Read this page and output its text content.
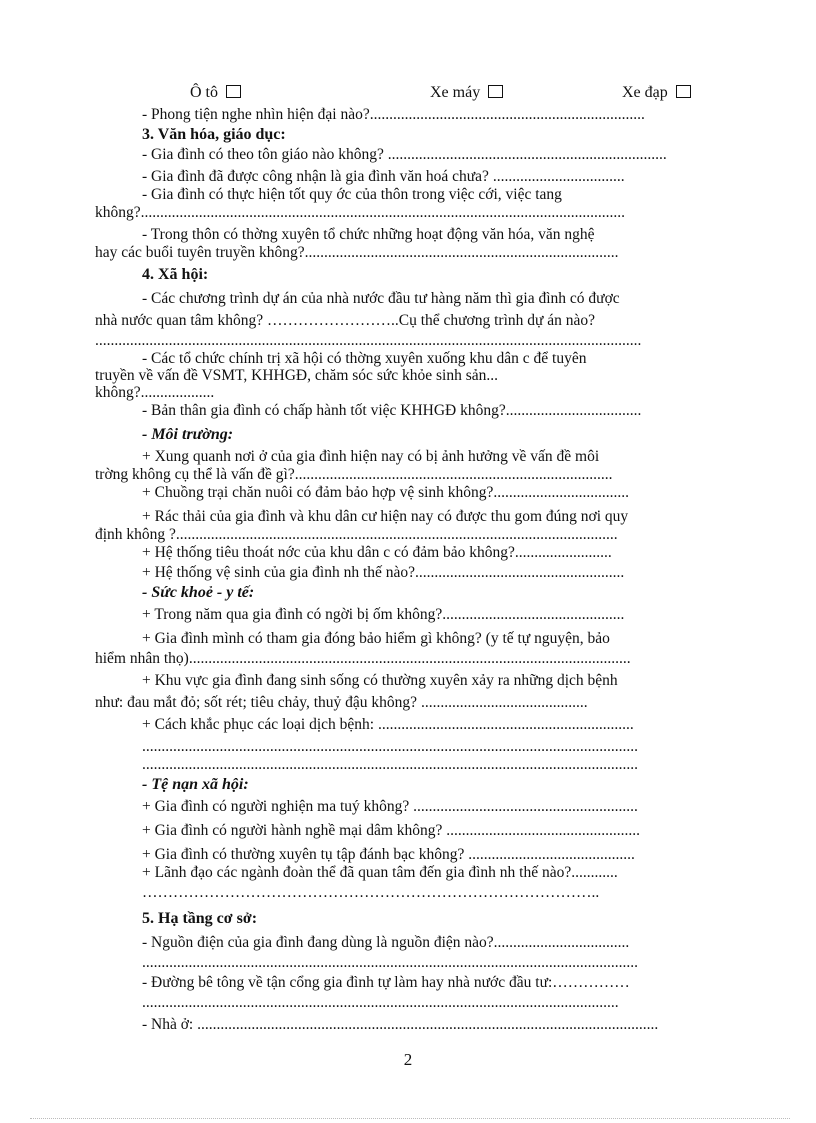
Ô tô	Xe máy	Xe đạp
- Phong tiện nghe nhìn hiện đại nào?.......................................................................
3. Văn hóa, giáo dục:
- Gia đình có theo tôn giáo nào không? ........................................................................
- Gia đình đã được công nhận là gia đình văn hoá chưa? ..................................
- Gia đình có thực hiện tốt quy ớc của thôn trong việc cới, việc tang
không?.............................................................................................................................
- Trong thôn có thờng xuyên tổ chức những hoạt động văn hóa, văn nghệ
hay các buổi tuyên truyền không?.................................................................................
4. Xã hội:
- Các chương trình dự án của nhà nước đầu tư hàng năm thì gia đình có được
nhà nước quan tâm không? ……………………..Cụ thể chương trình dự án nào?
.............................................................................................................................................
- Các tổ chức chính trị xã hội có thờng xuyên xuống khu dân c để tuyên
truyền về vấn đề VSMT, KHHGĐ, chăm sóc sức khỏe sinh sản...
không?...................
- Bản thân gia đình có chấp hành tốt việc KHHGĐ không?...................................
- Môi trường:
+ Xung quanh nơi ở của gia đình hiện nay có bị ảnh hưởng về vấn đề môi
trờng không cụ thể là vấn đề gì?..................................................................................
+ Chuồng trại chăn nuôi có đảm bảo hợp vệ sinh không?...................................
+ Rác thải của gia đình và khu dân cư hiện nay có được thu gom đúng nơi quy
định không ?..................................................................................................................
+ Hệ thống tiêu thoát nớc của khu dân c có đảm bảo không?.........................
+ Hệ thống vệ sinh của gia đình nh thế nào?......................................................
- Sức khoẻ - y tế:
+ Trong năm qua gia đình có ngời bị ốm không?...............................................
+ Gia đình mình có tham gia đóng bảo hiểm gì không? (y tế tự nguyện, bảo
hiểm nhân thọ)..................................................................................................................
+ Khu vực gia đình đang sinh sống có thường xuyên xảy ra những dịch bệnh
như: đau mắt đỏ; sốt rét; tiêu chảy, thuỷ đậu không? ...........................................
+ Cách khắc phục các loại dịch bệnh: ..................................................................
................................................................................................................................
................................................................................................................................
- Tệ nạn xã hội:
+ Gia đình có người nghiện ma tuý không? ..........................................................
+ Gia đình có người hành nghề mại dâm không? ..................................................
+ Gia đình có thường xuyên tụ tập đánh bạc không? ...........................................
+ Lãnh đạo các ngành đoàn thể đã quan tâm đến gia đình nh thế nào?............
……………………………………………………………………………..
5. Hạ tầng cơ sở:
- Nguồn điện của gia đình đang dùng là nguồn điện nào?...................................
................................................................................................................................
- Đường bê tông về tận cổng gia đình tự làm hay nhà nước đầu tư:……………
...........................................................................................................................
- Nhà ở: .......................................................................................................................
2
